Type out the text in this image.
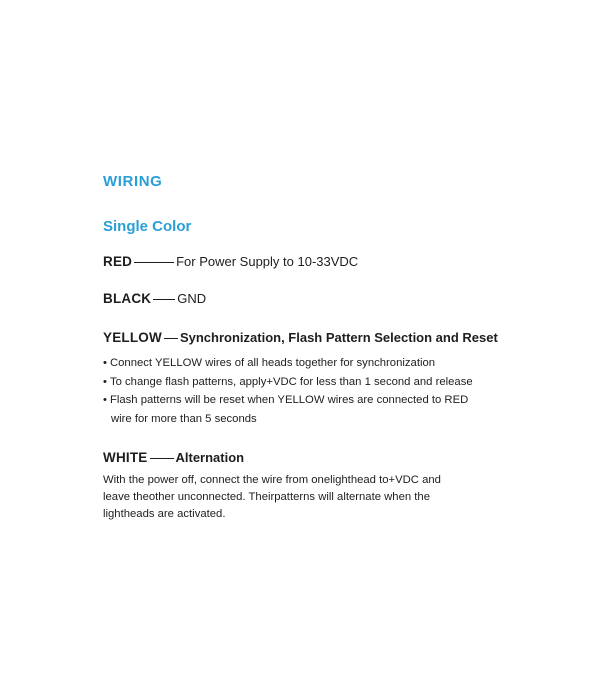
WIRING
Single Color
RED	For Power Supply to 10-33VDC
BLACK GND
YELLOW Synchronization, Flash Pattern Selection and Reset
• Connect YELLOW wires of all heads together for synchronization
• To change flash patterns, apply+VDC for less than 1 second and release
• Flash patterns will be reset when YELLOW wires are connected to RED
wire for more than 5 seconds
WHITE Alternation

With the power off, connect the wire from onelighthead to+VDC and
leave theother unconnected. Theirpatterns will alternate when the
lightheads are activated.
